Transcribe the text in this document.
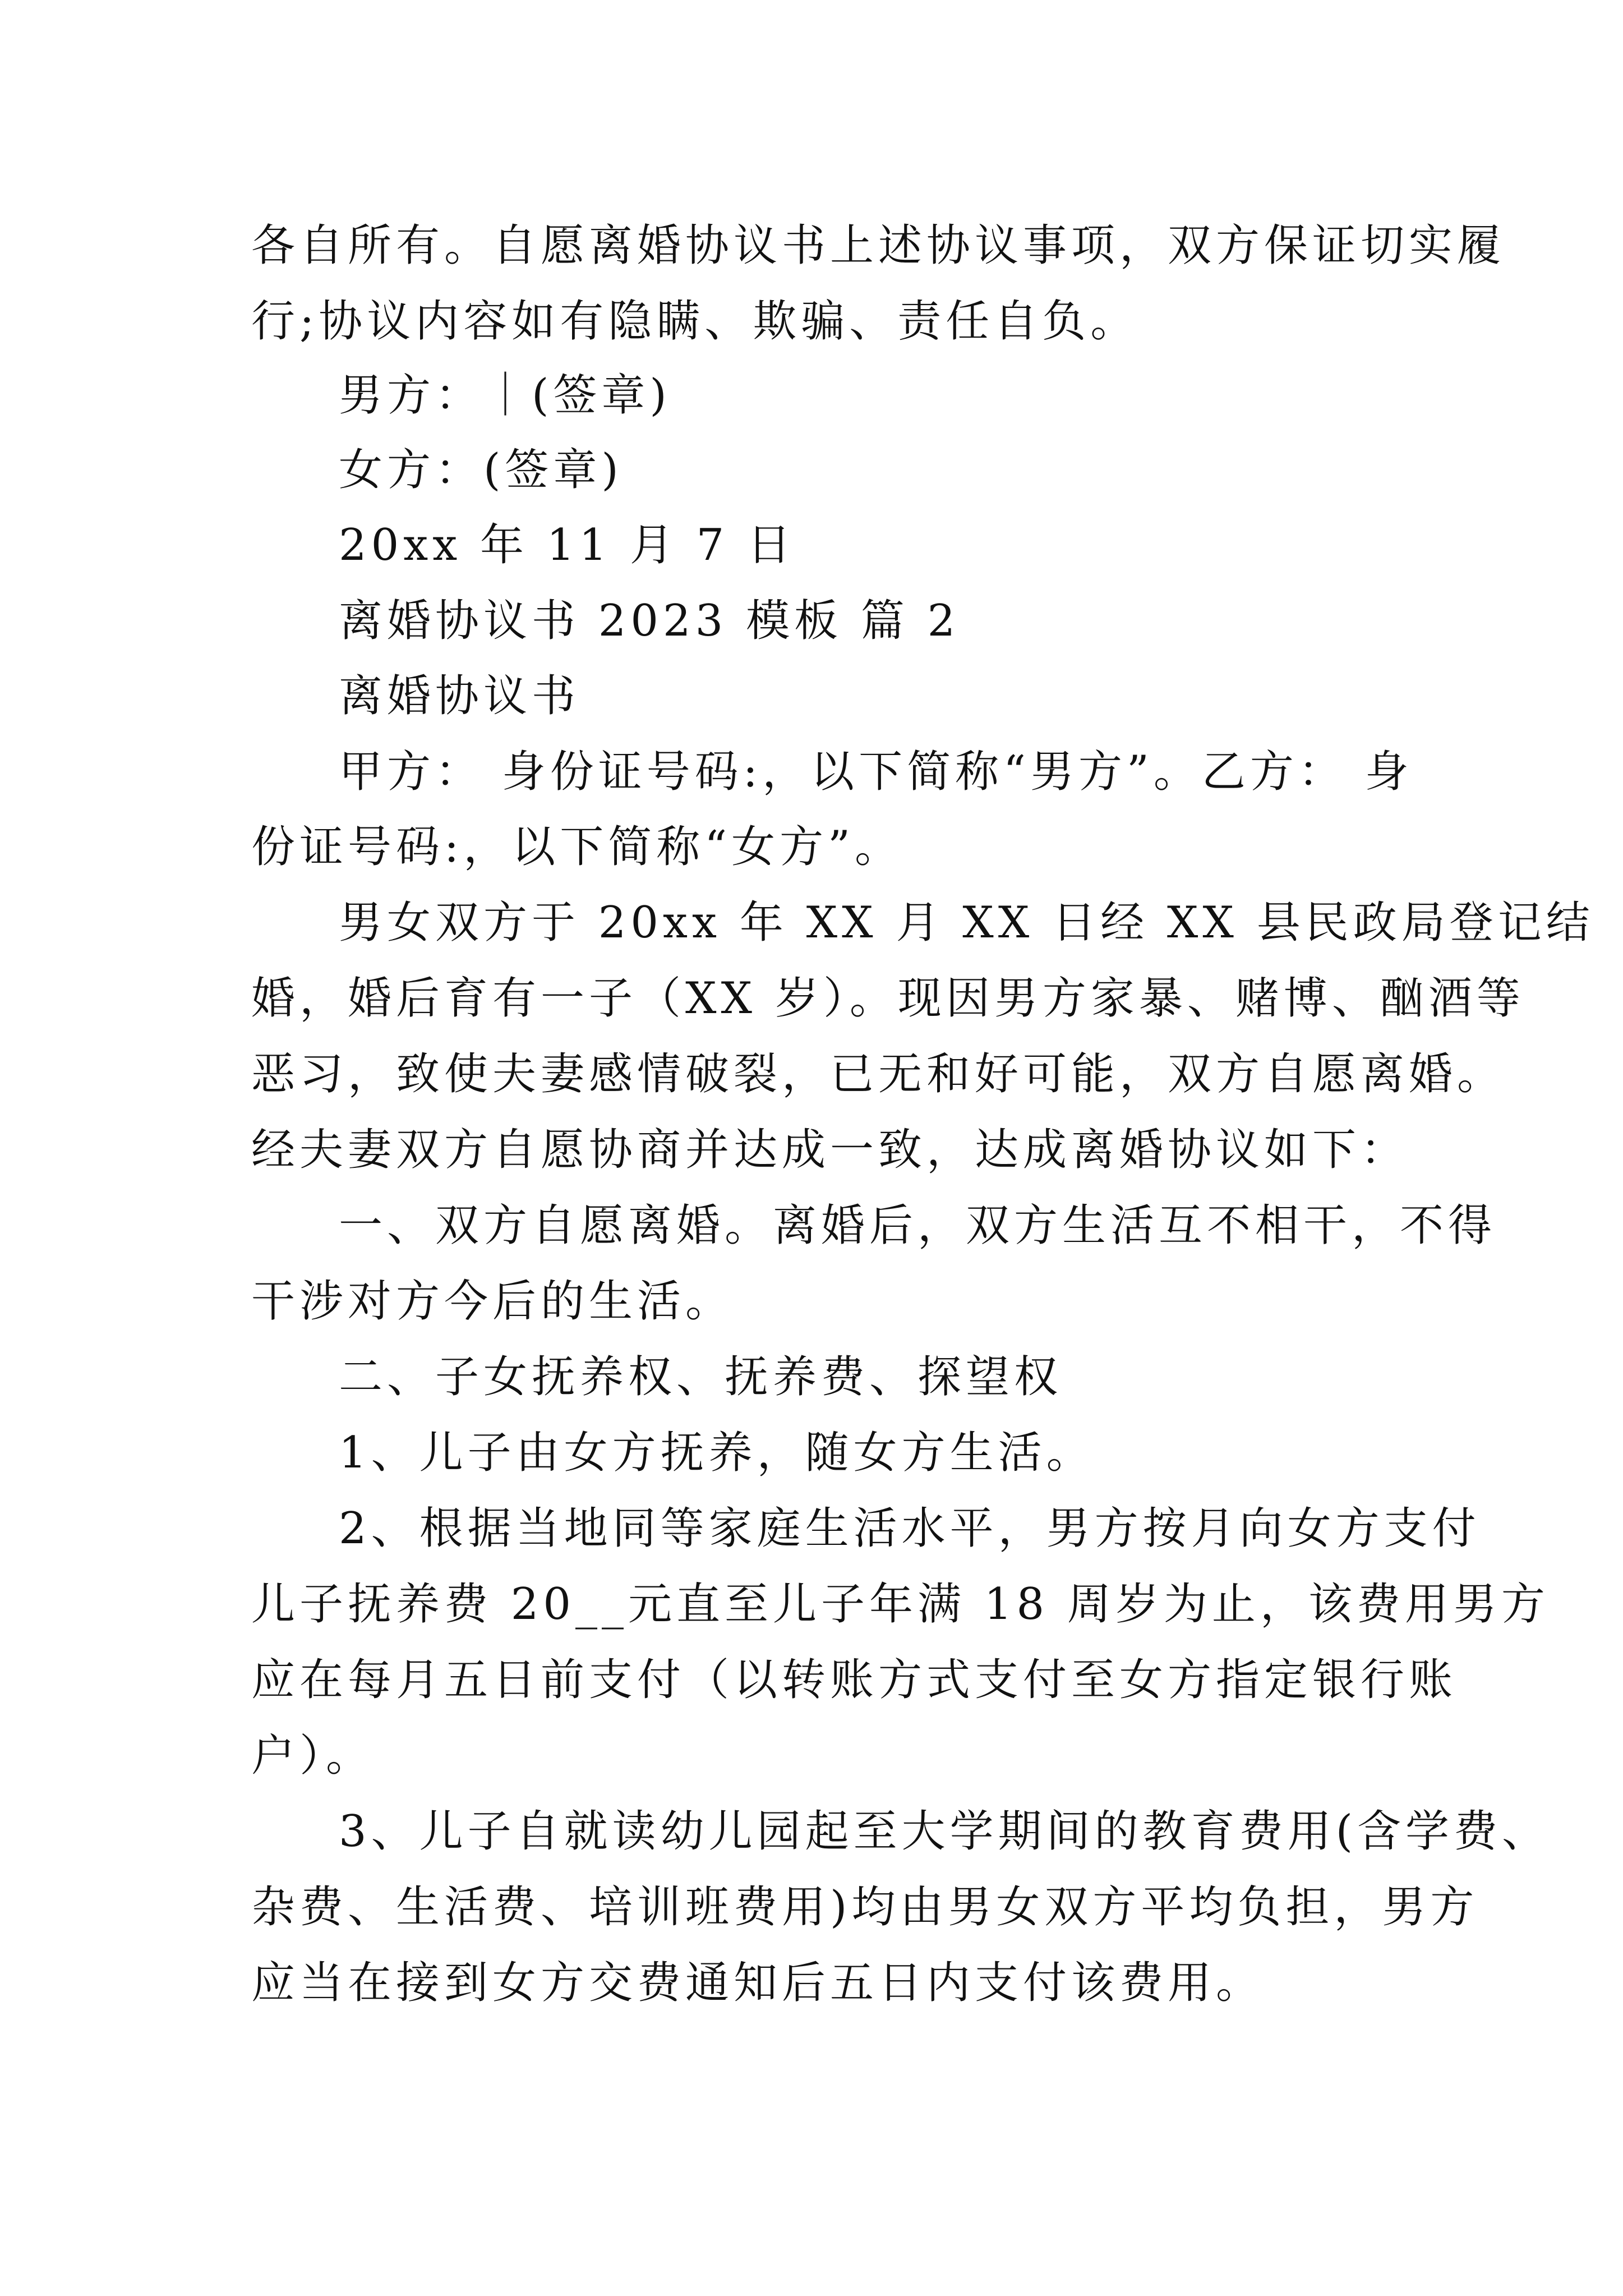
各自所有。自愿离婚协议书上述协议事项，双方保证切实履

行;协议内容如有隐瞒、欺骗、责任自负。

男方：｜(签章)

女方：(签章)

20xx 年 11 月 7 日

离婚协议书 2023 模板 篇 2

离婚协议书

甲方： 身份证号码:，以下简称“男方”。乙方： 身

份证号码:，以下简称“女方”。

男女双方于 20xx 年 XX 月 XX 日经 XX 县民政局登记结

婚，婚后育有一子（XX 岁）。现因男方家暴、赌博、酗酒等

恶习，致使夫妻感情破裂，已无和好可能，双方自愿离婚。

经夫妻双方自愿协商并达成一致，达成离婚协议如下：

一、双方自愿离婚。离婚后，双方生活互不相干，不得

干涉对方今后的生活。

二、子女抚养权、抚养费、探望权

1、儿子由女方抚养，随女方生活。

2、根据当地同等家庭生活水平，男方按月向女方支付

儿子抚养费 20__元直至儿子年满 18 周岁为止，该费用男方

应在每月五日前支付（以转账方式支付至女方指定银行账

户）。

3、儿子自就读幼儿园起至大学期间的教育费用(含学费、

杂费、生活费、培训班费用)均由男女双方平均负担，男方

应当在接到女方交费通知后五日内支付该费用。
